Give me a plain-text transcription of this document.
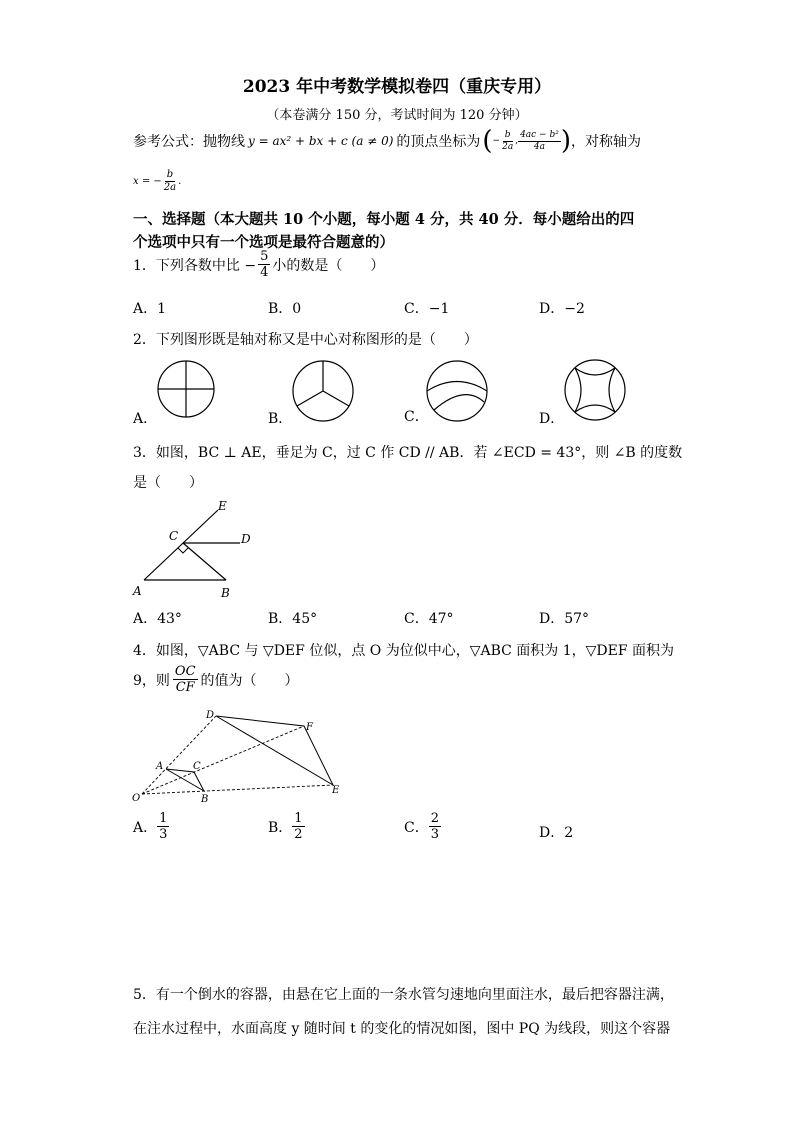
2023 年中考数学模拟卷四（重庆专用）
（本卷满分 150 分，考试时间为 120 分钟）
参考公式：抛物线 y = ax² + bx + c (a ≠ 0) 的顶点坐标为 ( − $\frac{b}{2a}$ , $\frac{\text{4ac − b²}}{4a}$ ) ，对称轴为
x = − $\frac{b}{2a}$ .
一、选择题（本大题共 10 个小题，每小题 4 分，共 40 分．每小题给出的四
个选项中只有一个选项是最符合题意的）
1．下列各数中比 − $\frac{5}{4}$ 小的数是（　　）
A．1	B．0	C．−1	D．−2
2．下列图形既是轴对称又是中心对称图形的是（　　）
A．	B．	C．	D．
3．如图，BC ⊥ AE，垂足为 C，过 C 作 CD // AB．若 ∠ECD = 43°，则 ∠B 的度数
是（　　）
E
C	D
A	B
A．43°	B．45°	C．47°	D．57°
4．如图，▽ABC 与 ▽DEF 位似，点 O 为位似中心，▽ABC 面积为 1，▽DEF 面积为
9，则 $\frac{OC}{CF}$ 的值为（　　）
D
F
A	C
O	B
E
A． $\frac{1}{3}$	B． $\frac{1}{2}$	C． $\frac{2}{3}$	D．2
5．有一个倒水的容器，由悬在它上面的一条水管匀速地向里面注水，最后把容器注满，
在注水过程中，水面高度 y 随时间 t 的变化的情况如图，图中 PQ 为线段，则这个容器
